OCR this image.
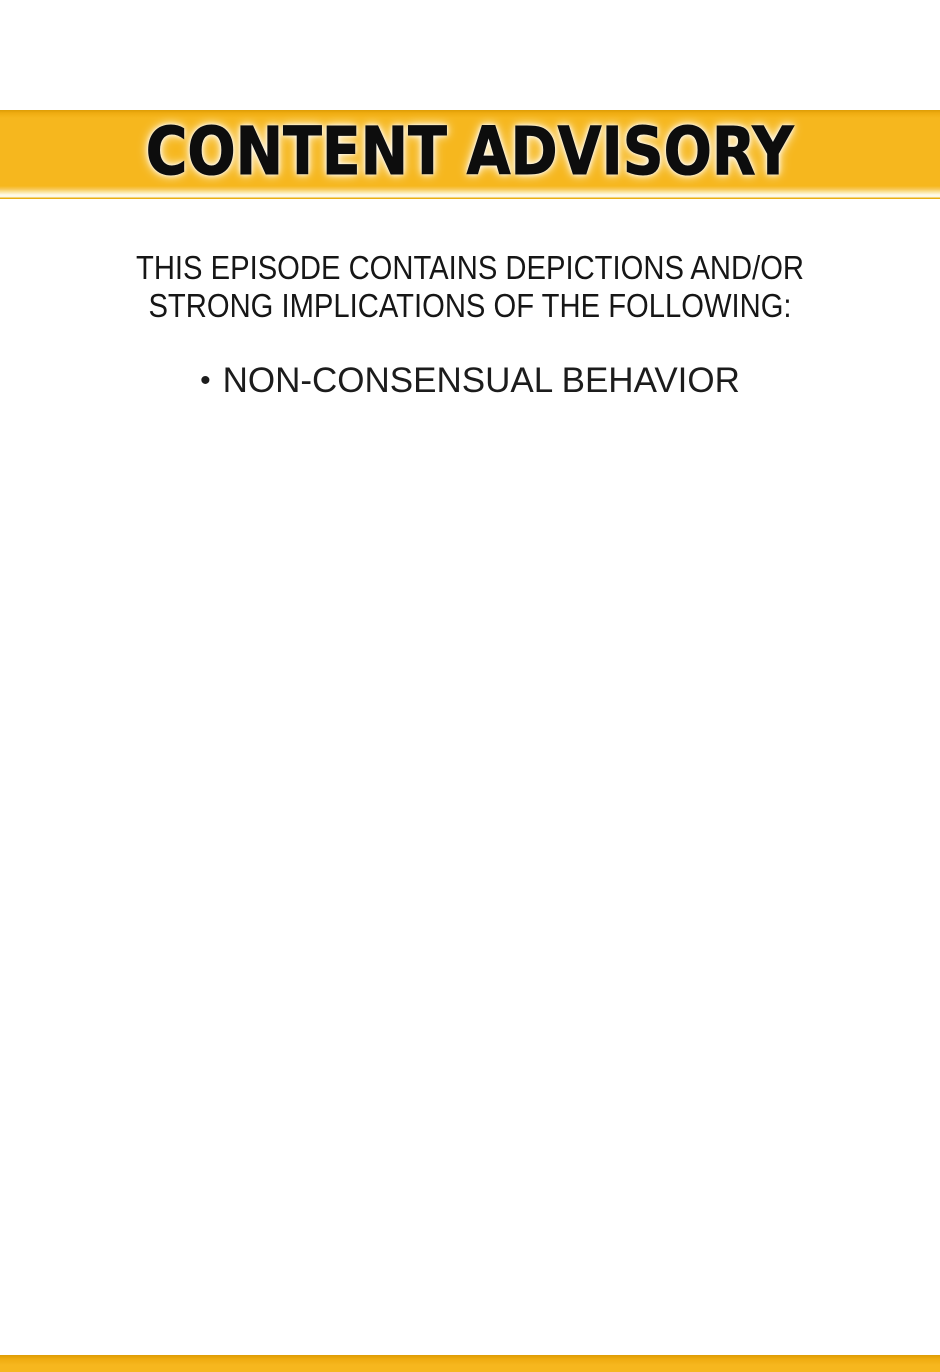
CONTENT ADVISORY
THIS EPISODE CONTAINS DEPICTIONS AND/OR
STRONG IMPLICATIONS OF THE FOLLOWING:
• NON-CONSENSUAL BEHAVIOR
